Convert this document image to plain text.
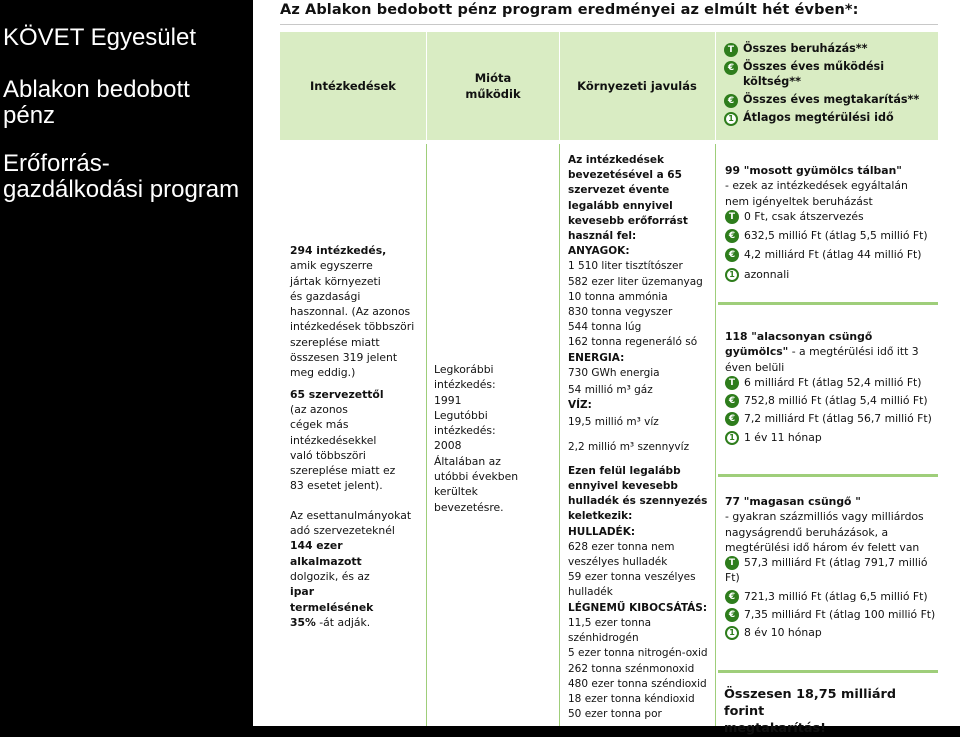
KÖVET Egyesület
Ablakon bedobott pénz
Erőforrás-gazdálkodási program
Az Ablakon bedobott pénz program eredményei az elmúlt hét évben*:
Intézkedések
Mióta működik
Környezeti javulás
T Összes beruházás**
€ Összes éves működési költség**
€ Összes éves megtakarítás**
1 Átlagos megtérülési idő
294 intézkedés,
amik egyszerre
jártak környezeti
és gazdasági
haszonnal. (Az azonos
intézkedések többszöri
szereplése miatt
összesen 319 jelent
meg eddig.)
65 szervezettől
(az azonos
cégek más
intézkedésekkel
való többszöri
szereplése miatt ez
83 esetet jelent).
Az esettanulmányokat
adó szervezeteknél
144 ezer
alkalmazott
dolgozik, és az
ipar
termelésének
35% -át adják.
Legkorábbi
intézkedés:
1991
Legutóbbi
intézkedés:
2008
Általában az
utóbbi években
kerültek
bevezetésre.
Az intézkedések
bevezetésével a 65
szervezet évente
legalább ennyivel
kevesebb erőforrást
használ fel:
ANYAGOK:
1 510 liter tisztítószer
582 ezer liter üzemanyag
10 tonna ammónia
830 tonna vegyszer
544 tonna lúg
162 tonna regeneráló só
ENERGIA:
730 GWh energia
54 millió m³ gáz
VÍZ:
19,5 millió m³ víz
2,2 millió m³ szennyvíz
Ezen felül legalább
ennyivel kevesebb
hulladék és szennyezés
keletkezik:
HULLADÉK:
628 ezer tonna nem
veszélyes hulladék
59 ezer tonna veszélyes
hulladék
LÉGNEMŰ KIBOCSÁTÁS:
11,5 ezer tonna
szénhidrogén
5 ezer tonna nitrogén-oxid
262 tonna szénmonoxid
480 ezer tonna széndioxid
18 ezer tonna kéndioxid
50 ezer tonna por
99 "mosott gyümölcs tálban"
- ezek az intézkedések egyáltalán
nem igényeltek beruházást
T 0 Ft, csak átszervezés
€ 632,5 millió Ft (átlag 5,5 millió Ft)
€ 4,2 milliárd Ft (átlag 44 millió Ft)
1 azonnali
118 "alacsonyan csüngő
gyümölcs" - a megtérülési idő itt 3
éven belüli
T 6 milliárd Ft (átlag 52,4 millió Ft)
€ 752,8 millió Ft (átlag 5,4 millió Ft)
€ 7,2 milliárd Ft (átlag 56,7 millió Ft)
1 1 év 11 hónap
77 "magasan csüngő "
- gyakran százmilliós vagy milliárdos
nagyságrendű beruházások, a
megtérülési idő három év felett van
T 57,3 milliárd Ft (átlag 791,7 millió
Ft)
€ 721,3 millió Ft (átlag 6,5 millió Ft)
€ 7,35 milliárd Ft (átlag 100 millió Ft)
1 8 év 10 hónap
Összesen 18,75 milliárd forint
megtakarítás!
